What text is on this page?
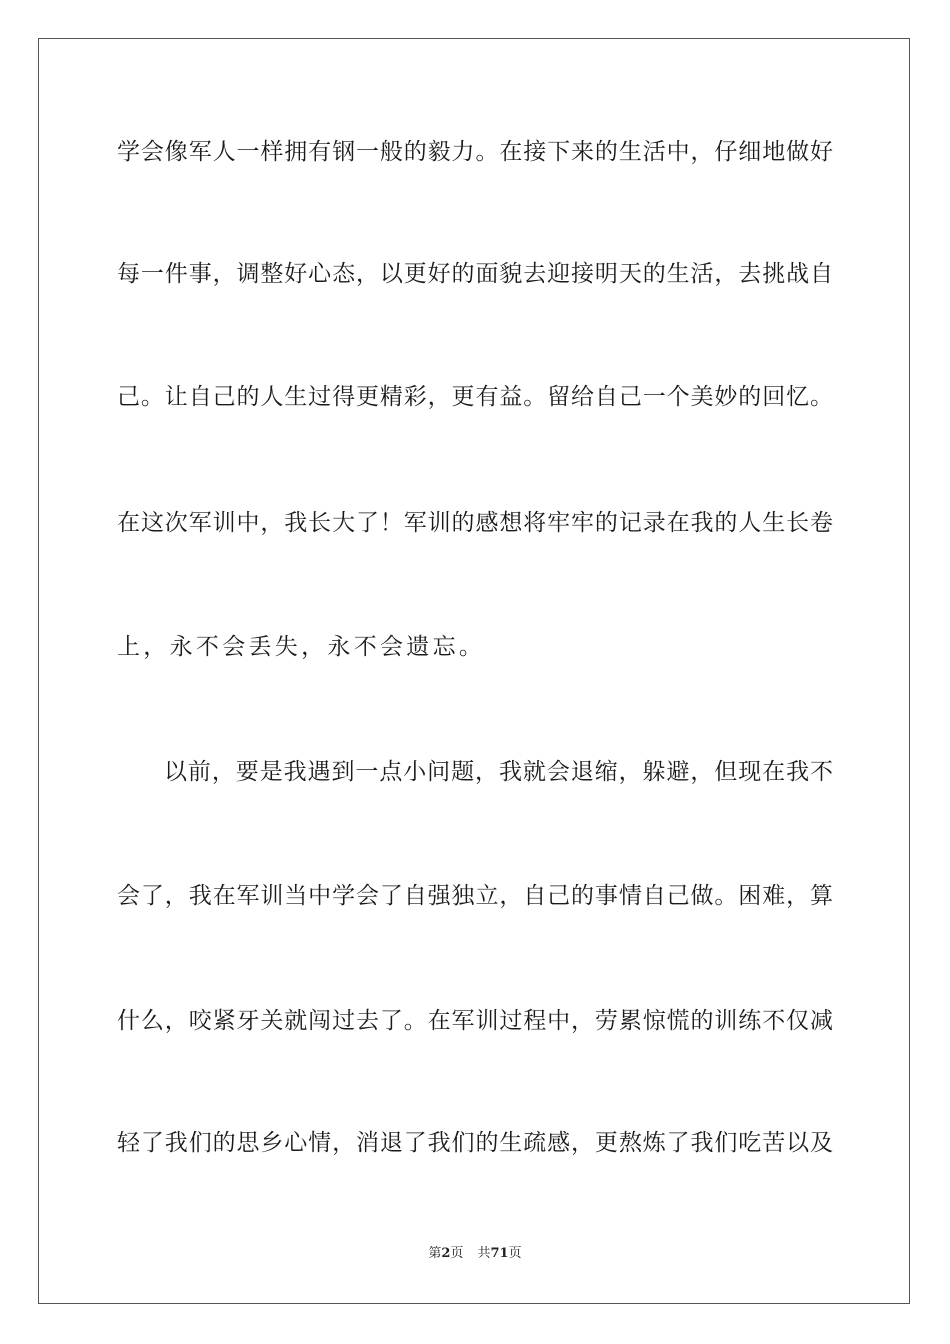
学会像军人一样拥有钢一般的毅力。在接下来的生活中，仔细地做好
每一件事，调整好心态，以更好的面貌去迎接明天的生活，去挑战自
己。让自己的人生过得更精彩，更有益。留给自己一个美妙的回忆。
在这次军训中，我长大了！军训的感想将牢牢的记录在我的人生长卷
上，永不会丢失，永不会遗忘。
以前，要是我遇到一点小问题，我就会退缩，躲避，但现在我不
会了，我在军训当中学会了自强独立，自己的事情自己做。困难，算
什么，咬紧牙关就闯过去了。在军训过程中，劳累惊慌的训练不仅减
轻了我们的思乡心情，消退了我们的生疏感，更熬炼了我们吃苦以及
第2页 共71页
